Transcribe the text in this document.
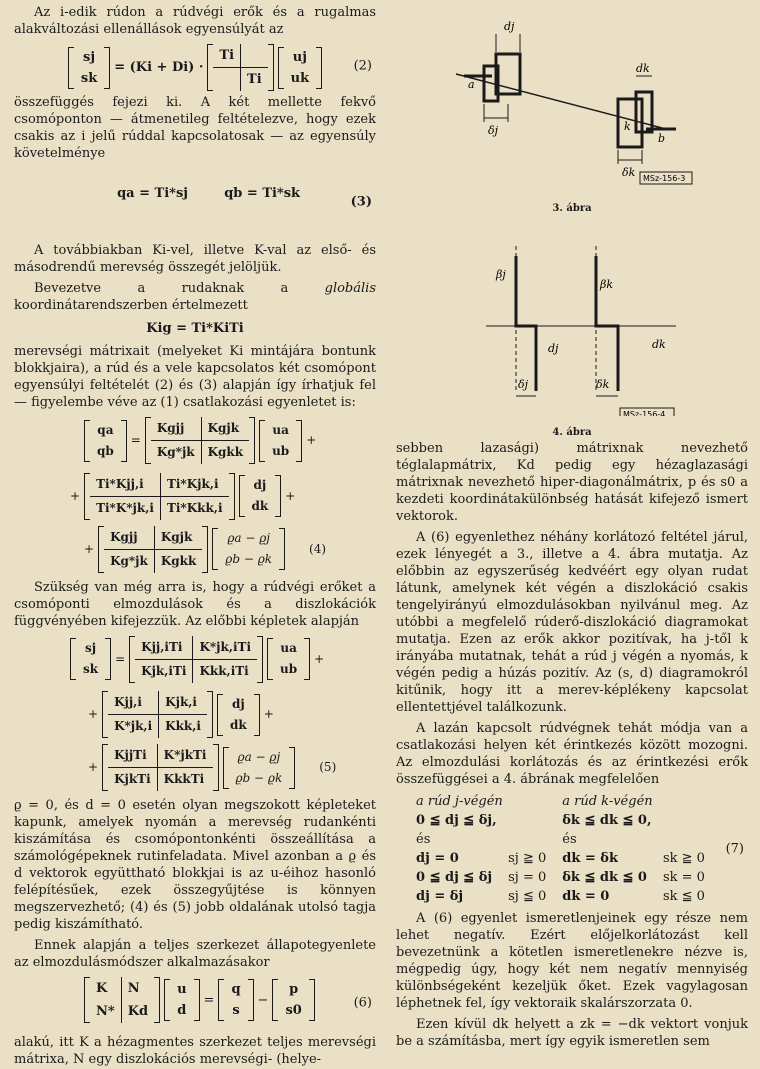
Az i-edik rúdon a rúdvégi erők és a rugalmas alakváltozási ellenállások egyensúlyát az

sj
sk
= (Ki + Di) ·
Ti
Ti
uj
uk
(2)

összefüggés fejezi ki. A két mellette fekvő csomóponton — átmenetileg feltételezve, hogy ezek csakis az i jelű rúddal kapcsolatosak — az egyensúly követelménye

qa = Ti*sj        qb = Ti*sk

(3)

A továbbiakban Ki-vel, illetve K-val az első- és másodrendű merevség összegét jelöljük.

Bevezetve a rudaknak a	globális koordinátarendszerben értelmezett

Kig = Ti*KiTi

merevségi mátrixait (melyeket Ki mintájára bontunk blokkjaira), a rúd és a vele kapcsolatos két csomópont egyensúlyi feltételét (2) és (3) alapján így írhatjuk fel — figyelembe véve az (1) csatlakozási egyenletet is:

qa
qb
=
Kgjj	Kgjk
Kg*jk	Kgkk
ua
ub
+

+
Ti*Kjj,i	Ti*Kjk,i
Ti*K*jk,i	Ti*Kkk,i
dj
dk
+

+
Kgjj	Kgjk
Kg*jk	Kgkk
ϱa − ϱj
ϱb − ϱk
(4)

Szükség van még arra is, hogy a rúdvégi erőket a csomóponti elmozdulások és a diszlokációk függvényében kifejezzük. Az előbbi képletek alapján

sj
sk
=
Kjj,iTi	K*jk,iTi
Kjk,iTi	Kkk,iTi
ua
ub
+

+
Kjj,i	Kjk,i
K*jk,i	Kkk,i
dj
dk
+

+
KjjTi	K*jkTi
KjkTi	KkkTi
ϱa − ϱj
ϱb − ϱk
(5)

ϱ = 0, és d = 0 esetén olyan megszokott képleteket kapunk, amelyek nyomán a merevség rudankénti kiszámítása és csomópontonkénti összeállítása a számológépeknek rutinfeladata. Mivel azonban a ϱ és d vektorok együttható blokkjai is az u-éihoz hasonló felépítésűek, ezek összegyűjtése is könnyen megszervezhető; (4) és (5) jobb oldalának utolsó tagja pedig kiszámítható.

Ennek alapján a teljes szerkezet állapotegyenlete az elmozdulásmódszer alkalmazásakor

K	N
N*	Kd
u
d
=
q
s
−
p
s0
(6)

alakú, itt K a hézagmentes szerkezet teljes merevségi mátrixa, N egy diszlokációs merevségi- (helye-

dj
a
δj
dk
k
b
δk MSz-156-3
3. ábra
βj
βk
dj	dk
δj	δk
MSz-156-4
4. ábra

sebben lazasági) mátrixnak nevezhető téglalapmátrix, Kd pedig egy hézaglazasági mátrixnak nevezhető hiper-diagonálmátrix, p és s0 a kezdeti koordinátakülönbség hatását kifejező ismert vektorok.

A (6) egyenlethez néhány korlátozó feltétel járul, ezek lényegét a 3., illetve a 4. ábra mutatja. Az előbbin az egyszerűség kedvéért egy olyan rudat látunk, amelynek két végén a diszlokáció csakis tengelyirányú elmozdulásokban nyilvánul meg. Az utóbbi a megfelelő rúderő-diszlokáció diagramokat mutatja. Ezen az erők akkor pozitívak, ha j-től k irányába mutatnak, tehát a rúd j végén a nyomás, k végén pedig a húzás pozitív. Az (s, d) diagramokról kitűnik, hogy itt a merev-képlékeny kapcsolat ellentettjével találkozunk.

A lazán kapcsolt rúdvégnek tehát módja van a csatlakozási helyen két érintkezés között mozogni. Az elmozdulási korlátozás és az érintkezési erők összefüggései a 4. ábrának megfelelően

a rúd j-végén		a rúd k-végén	
0 ≦ dj ≦ δj,		δk ≦ dk ≦ 0,	
és		és	
dj = 0	sj ≧ 0	dk = δk	sk ≧ 0
0 ≦ dj ≦ δj	sj = 0	δk ≦ dk ≦ 0	sk = 0
dj = δj	sj ≦ 0	dk = 0	sk ≦ 0
(7)

A (6) egyenlet ismeretlenjeinek egy része nem lehet negatív. Ezért előjelkorlátozást kell bevezetnünk a kötetlen ismeretlenekre nézve is, mégpedig úgy, hogy két nem negatív mennyiség különbségeként kezeljük őket. Ezek vagylagosan léphetnek fel, így vektoraik skalárszorzata 0.

Ezen kívül dk helyett a zk = −dk vektort vonjuk be a számításba, mert így egyik ismeretlen sem
